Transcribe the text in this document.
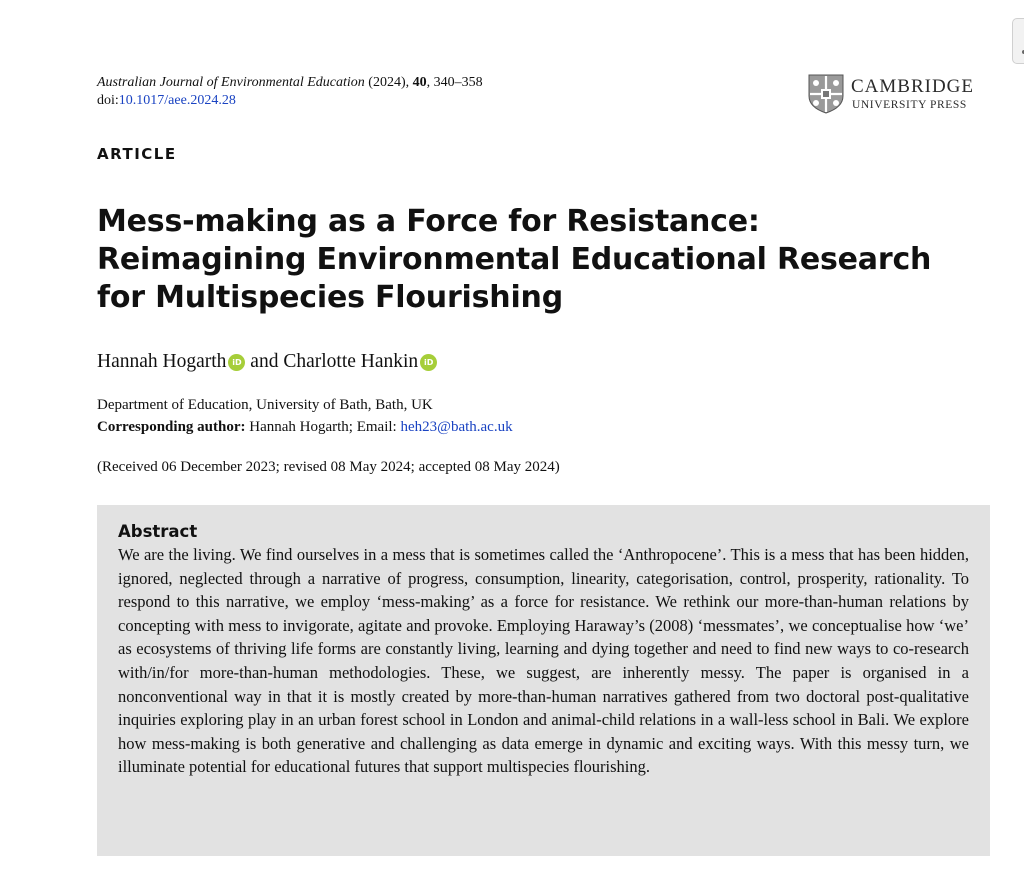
Australian Journal of Environmental Education (2024), 40, 340–358
doi:10.1017/aee.2024.28
CAMBRIDGE
UNIVERSITY PRESS
ARTICLE
Mess-making as a Force for Resistance: Reimagining Environmental Educational Research for Multispecies Flourishing
Hannah Hogarth iD and Charlotte Hankin iD
Department of Education, University of Bath, Bath, UK
Corresponding author: Hannah Hogarth; Email: heh23@bath.ac.uk
(Received 06 December 2023; revised 08 May 2024; accepted 08 May 2024)
Abstract

We are the living. We find ourselves in a mess that is sometimes called the ‘Anthropocene’. This is a mess that has been hidden, ignored, neglected through a narrative of progress, consumption, linearity, categorisation, control, prosperity, rationality. To respond to this narrative, we employ ‘mess-making’ as a force for resistance. We rethink our more-than-human relations by concepting with mess to invigorate, agitate and provoke. Employing Haraway’s (2008) ‘messmates’, we conceptualise how ‘we’ as ecosystems of thriving life forms are constantly living, learning and dying together and need to find new ways to co-research with/in/for more-than-human methodologies. These, we suggest, are inherently messy. The paper is organised in a nonconventional way in that it is mostly created by more-than-human narratives gathered from two doctoral post-qualitative inquiries exploring play in an urban forest school in London and animal-child relations in a wall-less school in Bali. We explore how mess-making is both generative and challenging as data emerge in dynamic and exciting ways. With this messy turn, we illuminate potential for educational futures that support multispecies flourishing.
